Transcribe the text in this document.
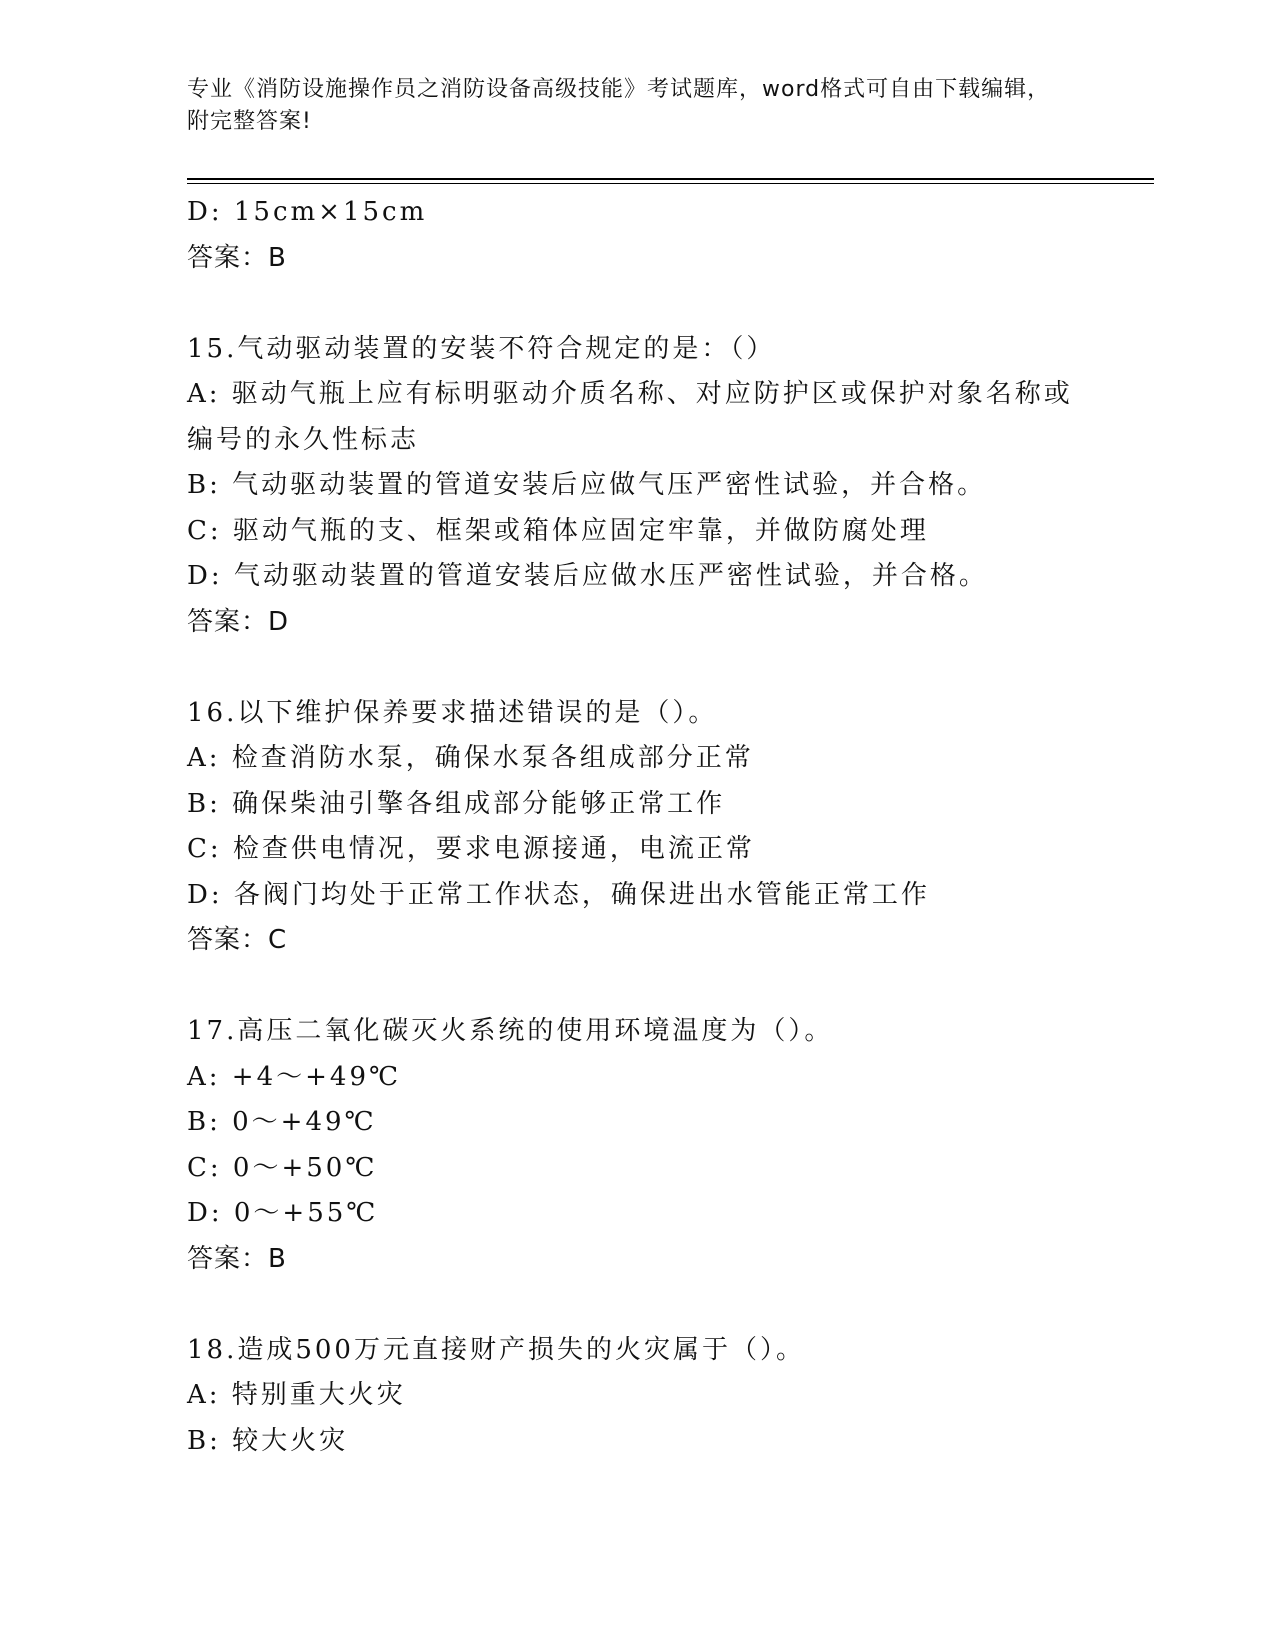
专业《消防设施操作员之消防设备高级技能》考试题库，word格式可自由下载编辑，附完整答案!
D: 15cm×15cm
答案：B
15.气动驱动装置的安装不符合规定的是：（）
A: 驱动气瓶上应有标明驱动介质名称、对应防护区或保护对象名称或编号的永久性标志
B: 气动驱动装置的管道安装后应做气压严密性试验，并合格。
C: 驱动气瓶的支、框架或箱体应固定牢靠，并做防腐处理
D: 气动驱动装置的管道安装后应做水压严密性试验，并合格。
答案：D
16.以下维护保养要求描述错误的是（）。
A: 检查消防水泵，确保水泵各组成部分正常
B: 确保柴油引擎各组成部分能够正常工作
C: 检查供电情况，要求电源接通，电流正常
D: 各阀门均处于正常工作状态，确保进出水管能正常工作
答案：C
17.高压二氧化碳灭火系统的使用环境温度为（）。
A: +4～+49℃
B: 0～+49℃
C: 0～+50℃
D: 0～+55℃
答案：B
18.造成500万元直接财产损失的火灾属于（）。
A: 特别重大火灾
B: 较大火灾
